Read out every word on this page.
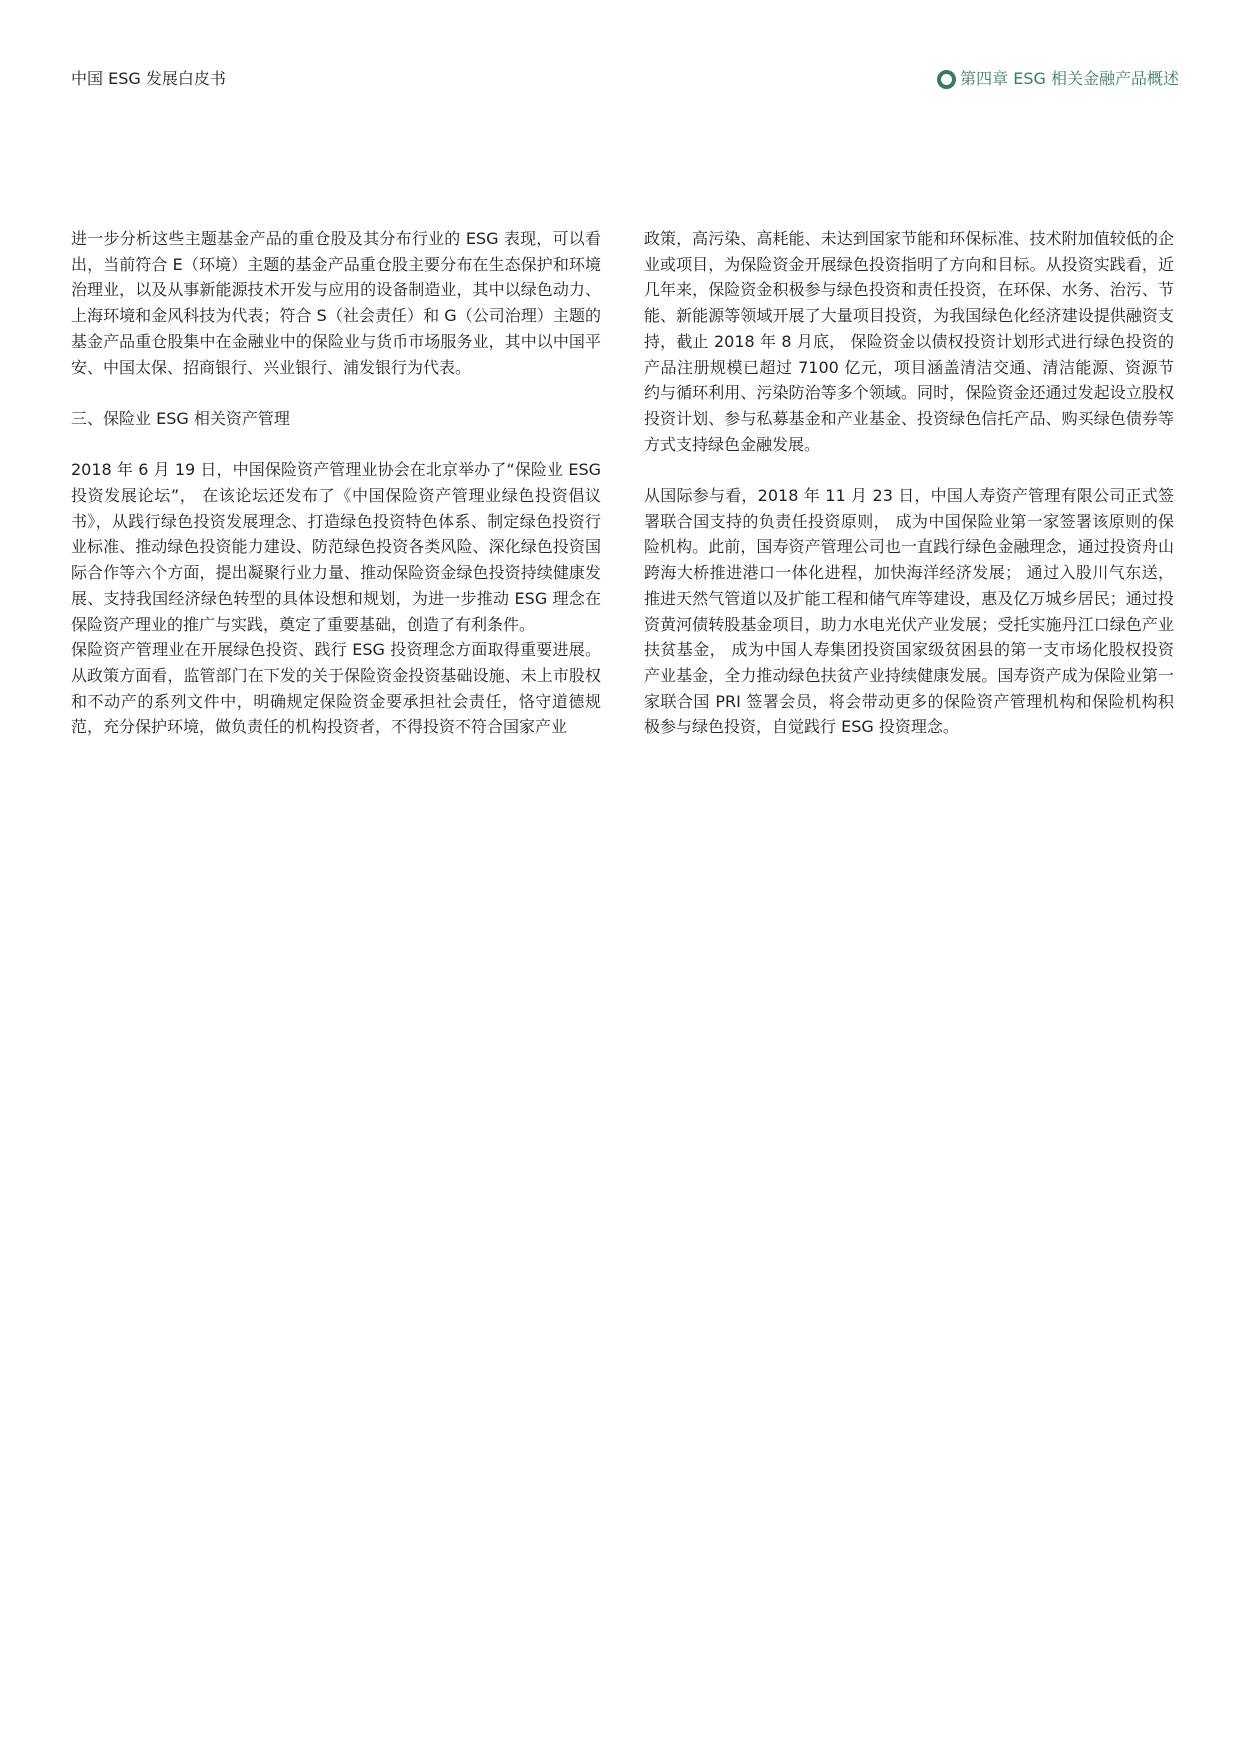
中国 ESG 发展白皮书	第四章 ESG 相关金融产品概述

进一步分析这些主题基金产品的重仓股及其分布行业的 ESG 表现，可以看出，当前符合 E（环境）主题的基金产品重仓股主要分布在生态保护和环境治理业，以及从事新能源技术开发与应用的设备制造业，其中以绿色动力、上海环境和金风科技为代表；符合 S（社会责任）和 G（公司治理）主题的基金产品重仓股集中在金融业中的保险业与货币市场服务业，其中以中国平安、中国太保、招商银行、兴业银行、浦发银行为代表。

三、保险业 ESG 相关资产管理

2018 年 6 月 19 日，中国保险资产管理业协会在北京举办了“保险业 ESG 投资发展论坛”， 在该论坛还发布了《中国保险资产管理业绿色投资倡议书》，从践行绿色投资发展理念、打造绿色投资特色体系、制定绿色投资行业标准、推动绿色投资能力建设、防范绿色投资各类风险、深化绿色投资国际合作等六个方面，提出凝聚行业力量、推动保险资金绿色投资持续健康发展、支持我国经济绿色转型的具体设想和规划，为进一步推动 ESG 理念在保险资产理业的推广与实践，奠定了重要基础，创造了有利条件。

保险资产管理业在开展绿色投资、践行 ESG 投资理念方面取得重要进展。从政策方面看，监管部门在下发的关于保险资金投资基础设施、未上市股权和不动产的系列文件中，明确规定保险资金要承担社会责任，恪守道德规范，充分保护环境，做负责任的机构投资者，不得投资不符合国家产业

政策，高污染、高耗能、未达到国家节能和环保标准、技术附加值较低的企业或项目，为保险资金开展绿色投资指明了方向和目标。从投资实践看，近几年来，保险资金积极参与绿色投资和责任投资，在环保、水务、治污、节能、新能源等领域开展了大量项目投资，为我国绿色化经济建设提供融资支持，截止 2018 年 8 月底， 保险资金以债权投资计划形式进行绿色投资的产品注册规模已超过 7100 亿元，项目涵盖清洁交通、清洁能源、资源节约与循环利用、污染防治等多个领域。同时，保险资金还通过发起设立股权投资计划、参与私募基金和产业基金、投资绿色信托产品、购买绿色债券等方式支持绿色金融发展。

从国际参与看，2018 年 11 月 23 日，中国人寿资产管理有限公司正式签署联合国支持的负责任投资原则， 成为中国保险业第一家签署该原则的保险机构。此前，国寿资产管理公司也一直践行绿色金融理念，通过投资舟山跨海大桥推进港口一体化进程，加快海洋经济发展； 通过入股川气东送，推进天然气管道以及扩能工程和储气库等建设，惠及亿万城乡居民；通过投资黄河债转股基金项目，助力水电光伏产业发展；受托实施丹江口绿色产业扶贫基金， 成为中国人寿集团投资国家级贫困县的第一支市场化股权投资产业基金，全力推动绿色扶贫产业持续健康发展。国寿资产成为保险业第一家联合国 PRI 签署会员，将会带动更多的保险资产管理机构和保险机构积极参与绿色投资，自觉践行 ESG 投资理念。
